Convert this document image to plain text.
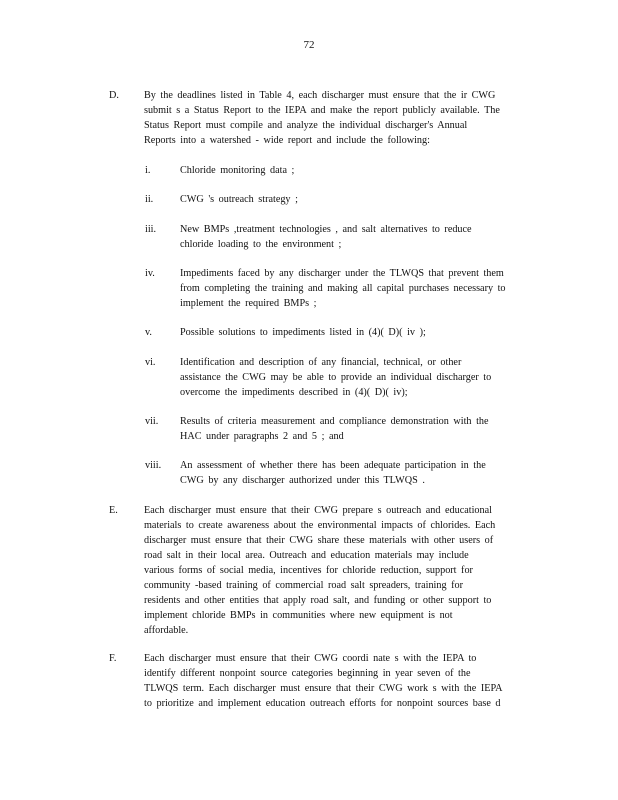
72
D.	By the deadlines listed in Table 4, each discharger must ensure that the ir CWG
submit s a Status Report to the IEPA and make the report publicly available. The
Status Report must compile and analyze the individual discharger's Annual
Reports into a watershed - wide report and include the following:
i.	Chloride monitoring data ;
ii.	CWG 's outreach strategy ;
iii.	New BMPs ,treatment technologies , and salt alternatives to reduce
chloride loading to the environment ;
iv.	Impediments faced by any discharger under the TLWQS that prevent them
from completing the training and making all capital purchases necessary to
implement the required BMPs ;
v.	Possible solutions to impediments listed in (4)( D)( iv );
vi.	Identification and description of any financial, technical, or other
assistance the CWG may be able to provide an individual discharger to
overcome the impediments described in (4)( D)( iv);
vii.	Results of criteria measurement and compliance demonstration with the
HAC under paragraphs 2 and 5 ; and
viii.	An assessment of whether there has been adequate participation in the
CWG by any discharger authorized under this TLWQS .
E.	Each discharger must ensure that their CWG prepare s outreach and educational
materials to create awareness about the environmental impacts of chlorides. Each
discharger must ensure that their CWG share these materials with other users of
road salt in their local area. Outreach and education materials may include
various forms of social media, incentives for chloride reduction, support for
community -based training of commercial road salt spreaders, training for
residents and other entities that apply road salt, and funding or other support to
implement chloride BMPs in communities where new equipment is not
affordable.
F.	Each discharger must ensure that their CWG coordi nate s with the IEPA to
identify different nonpoint source categories beginning in year seven of the
TLWQS term. Each discharger must ensure that their CWG work s with the IEPA
to prioritize and implement education outreach efforts for nonpoint sources base d
